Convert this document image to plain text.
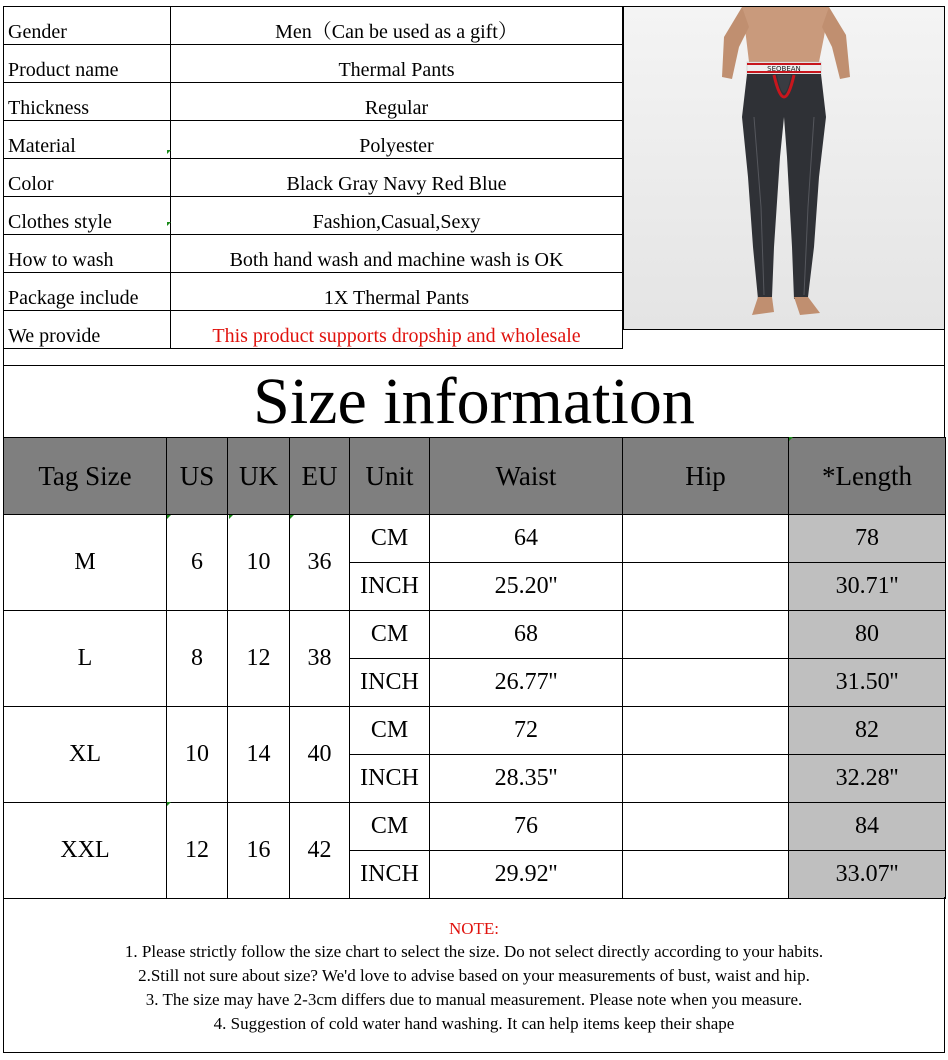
Gender	Men（Can be used as a gift）
Product name	Thermal Pants
Thickness	Regular
Material	Polyester
Color	Black Gray Navy Red Blue
Clothes style	Fashion,Casual,Sexy
How to wash	Both hand wash and machine wash is OK
Package include	1X Thermal Pants
We provide	This product supports dropship and wholesale
SEOBEAN
Size information
Tag Size	US	UK	EU	Unit	Waist	Hip	*Length
M	6	10	36	CM	64		78
				INCH	25.20''		30.71''
L	8	12	38	CM	68		80
				INCH	26.77''		31.50''
XL	10	14	40	CM	72		82
				INCH	28.35''		32.28''
XXL	12	16	42	CM	76		84
				INCH	29.92''		33.07''
NOTE:
1. Please strictly follow the size chart to select the size. Do not select directly according to your habits.
2.Still not sure about size? We'd love to advise based on your measurements of bust, waist and hip.
3. The size may have 2-3cm differs due to manual measurement. Please note when you measure.
4. Suggestion of cold water hand washing. It can help items keep their shape
